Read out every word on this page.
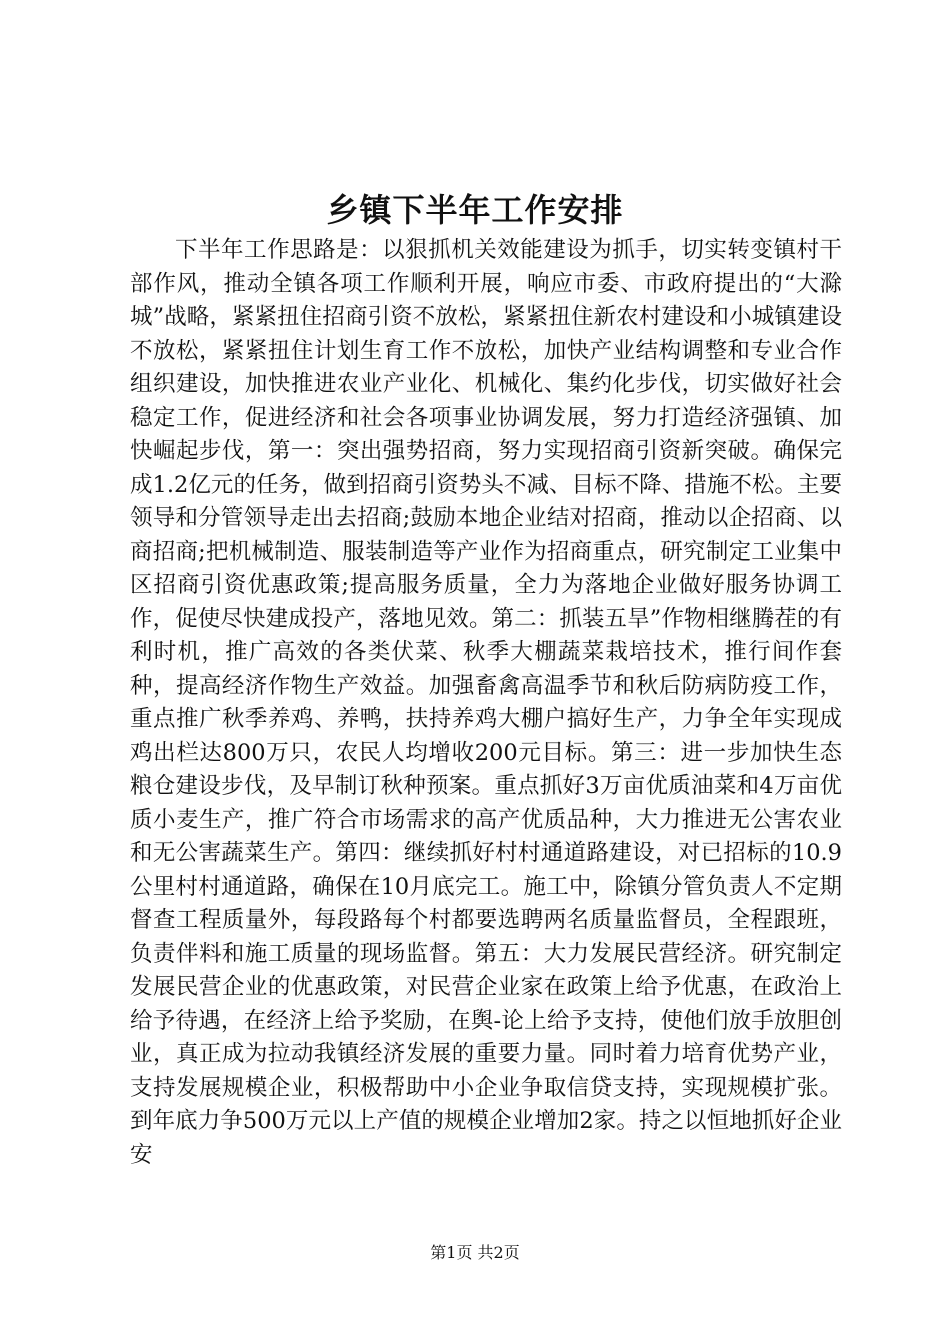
乡镇下半年工作安排

下半年工作思路是：以狠抓机关效能建设为抓手，切实转变镇村干部作风，推动全镇各项工作顺利开展，响应市委、市政府提出的“大滁城”战略，紧紧扭住招商引资不放松，紧紧扭住新农村建设和小城镇建设不放松，紧紧扭住计划生育工作不放松，加快产业结构调整和专业合作组织建设，加快推进农业产业化、机械化、集约化步伐，切实做好社会稳定工作，促进经济和社会各项事业协调发展，努力打造经济强镇、加快崛起步伐，第一：突出强势招商，努力实现招商引资新突破。确保完成1.2亿元的任务，做到招商引资势头不减、目标不降、措施不松。主要领导和分管领导走出去招商;鼓励本地企业结对招商，推动以企招商、以商招商;把机械制造、服装制造等产业作为招商重点，研究制定工业集中区招商引资优惠政策;提高服务质量，全力为落地企业做好服务协调工作，促使尽快建成投产，落地见效。第二：抓装五旱”作物相继腾茬的有利时机，推广高效的各类伏菜、秋季大棚蔬菜栽培技术，推行间作套种，提高经济作物生产效益。加强畜禽高温季节和秋后防病防疫工作，重点推广秋季养鸡、养鸭，扶持养鸡大棚户搞好生产，力争全年实现成鸡出栏达800万只，农民人均增收200元目标。第三：进一步加快生态粮仓建设步伐，及早制订秋种预案。重点抓好3万亩优质油菜和4万亩优质小麦生产，推广符合市场需求的高产优质品种，大力推进无公害农业和无公害蔬菜生产。第四：继续抓好村村通道路建设，对已招标的10.9公里村村通道路，确保在10月底完工。施工中，除镇分管负责人不定期督查工程质量外，每段路每个村都要选聘两名质量监督员，全程跟班，负责伴料和施工质量的现场监督。第五：大力发展民营经济。研究制定发展民营企业的优惠政策，对民营企业家在政策上给予优惠，在政治上给予待遇，在经济上给予奖励，在舆-论上给予支持，使他们放手放胆创业，真正成为拉动我镇经济发展的重要力量。同时着力培育优势产业，支持发展规模企业，积极帮助中小企业争取信贷支持，实现规模扩张。到年底力争500万元以上产值的规模企业增加2家。持之以恒地抓好企业安

第1页 共2页
